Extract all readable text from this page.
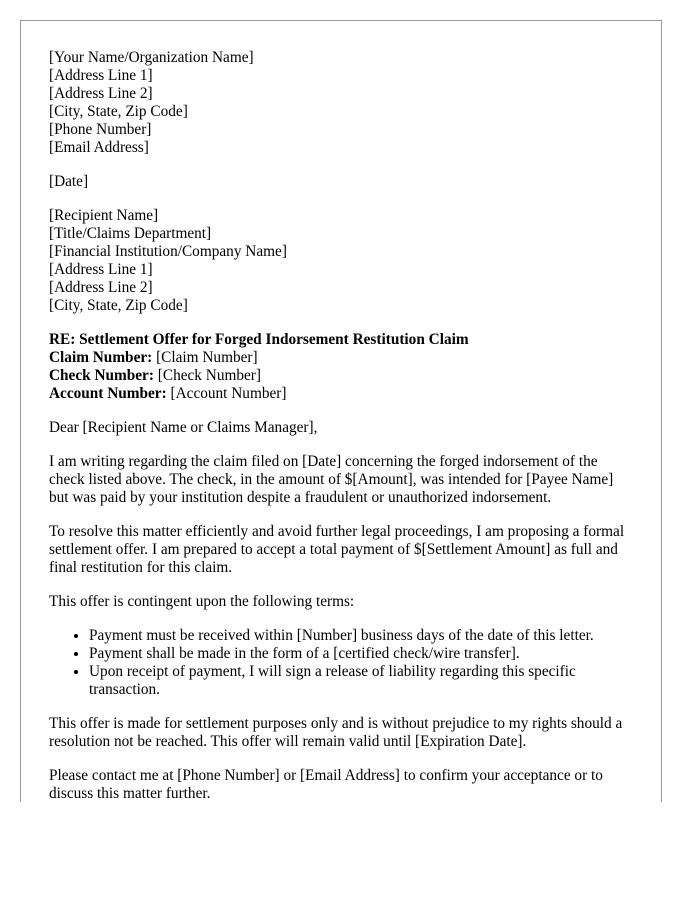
[Your Name/Organization Name]
[Address Line 1]
[Address Line 2]
[City, State, Zip Code]
[Phone Number]
[Email Address]
[Date]
[Recipient Name]
[Title/Claims Department]
[Financial Institution/Company Name]
[Address Line 1]
[Address Line 2]
[City, State, Zip Code]
RE: Settlement Offer for Forged Indorsement Restitution Claim
Claim Number: [Claim Number]
Check Number: [Check Number]
Account Number: [Account Number]

Dear [Recipient Name or Claims Manager],

I am writing regarding the claim filed on [Date] concerning the forged indorsement of the check listed above. The check, in the amount of $[Amount], was intended for [Payee Name] but was paid by your institution despite a fraudulent or unauthorized indorsement.

To resolve this matter efficiently and avoid further legal proceedings, I am proposing a formal settlement offer. I am prepared to accept a total payment of $[Settlement Amount] as full and final restitution for this claim.

This offer is contingent upon the following terms:

• Payment must be received within [Number] business days of the date of this letter.
• Payment shall be made in the form of a [certified check/wire transfer].
• Upon receipt of payment, I will sign a release of liability regarding this specific transaction.

This offer is made for settlement purposes only and is without prejudice to my rights should a resolution not be reached. This offer will remain valid until [Expiration Date].

Please contact me at [Phone Number] or [Email Address] to confirm your acceptance or to discuss this matter further.
